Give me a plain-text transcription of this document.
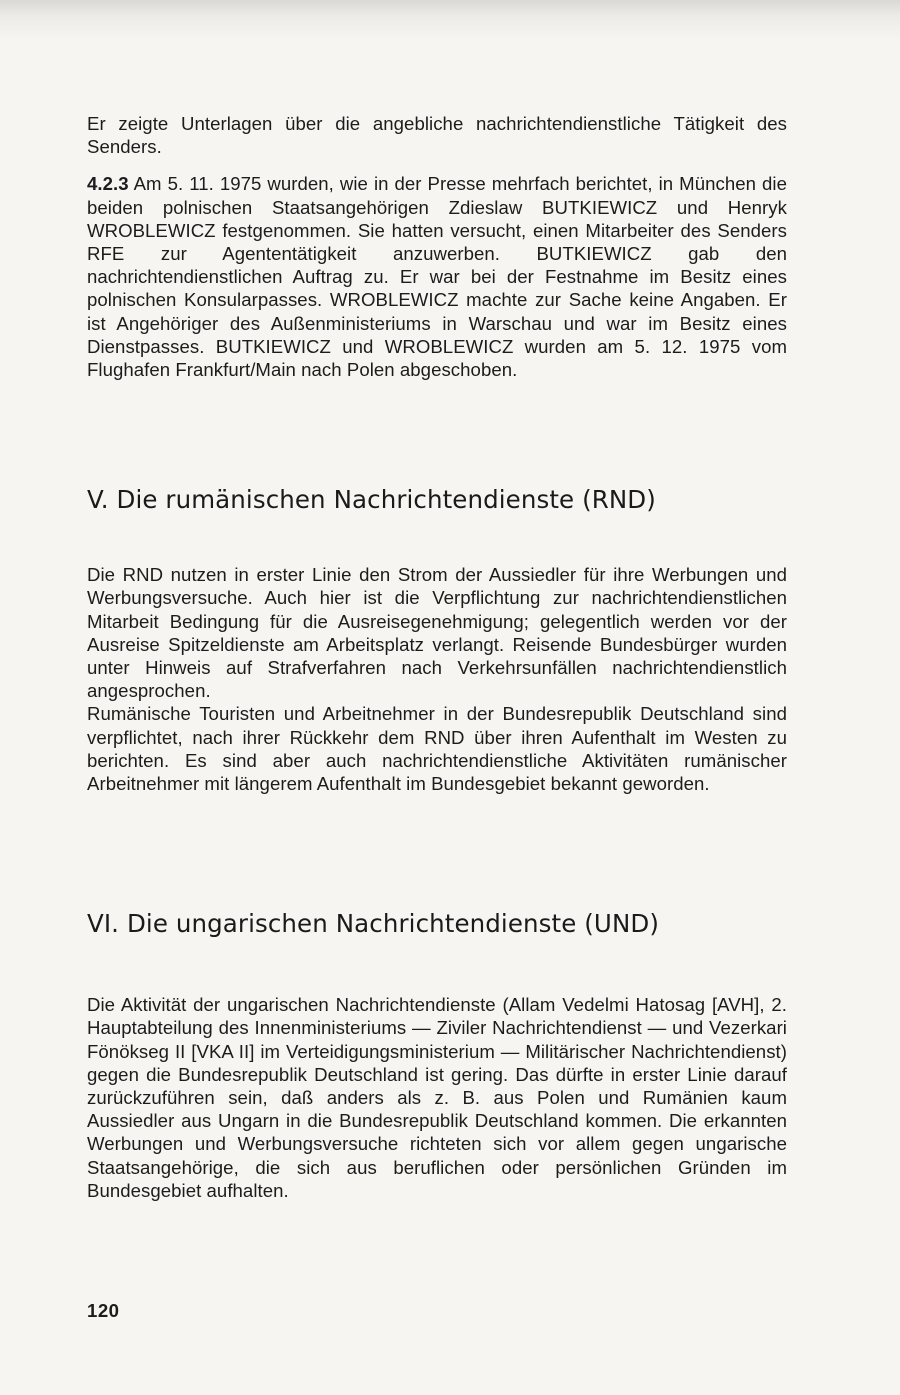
Er zeigte Unterlagen über die angebliche nachrichtendienstliche Tätigkeit des Senders.

4.2.3 Am 5. 11. 1975 wurden, wie in der Presse mehrfach berichtet, in München die beiden polnischen Staatsangehörigen Zdieslaw BUTKIEWICZ und Henryk WROBLEWICZ festgenommen. Sie hatten versucht, einen Mitarbeiter des Senders RFE zur Agententätigkeit anzuwerben. BUTKIEWICZ gab den nachrichtendienstlichen Auftrag zu. Er war bei der Festnahme im Besitz eines polnischen Konsularpasses. WROBLEWICZ machte zur Sache keine Angaben. Er ist Angehöriger des Außenministeriums in Warschau und war im Besitz eines Dienstpasses. BUTKIEWICZ und WROBLEWICZ wurden am 5. 12. 1975 vom Flughafen Frankfurt/Main nach Polen abgeschoben.

V. Die rumänischen Nachrichtendienste (RND)

Die RND nutzen in erster Linie den Strom der Aussiedler für ihre Werbungen und Werbungsversuche. Auch hier ist die Verpflichtung zur nachrichtendienstlichen Mitarbeit Bedingung für die Ausreisegenehmigung; gelegentlich werden vor der Ausreise Spitzeldienste am Arbeitsplatz verlangt. Reisende Bundesbürger wurden unter Hinweis auf Strafverfahren nach Verkehrsunfällen nachrichtendienstlich angesprochen.

Rumänische Touristen und Arbeitnehmer in der Bundesrepublik Deutschland sind verpflichtet, nach ihrer Rückkehr dem RND über ihren Aufenthalt im Westen zu berichten. Es sind aber auch nachrichtendienstliche Aktivitäten rumänischer Arbeitnehmer mit längerem Aufenthalt im Bundesgebiet bekannt geworden.

VI. Die ungarischen Nachrichtendienste (UND)

Die Aktivität der ungarischen Nachrichtendienste (Allam Vedelmi Hatosag [AVH], 2. Hauptabteilung des Innenministeriums — Ziviler Nachrichtendienst — und Vezerkari Fönökseg II [VKA II] im Verteidigungsministerium — Militärischer Nachrichtendienst) gegen die Bundesrepublik Deutschland ist gering. Das dürfte in erster Linie darauf zurückzuführen sein, daß anders als z. B. aus Polen und Rumänien kaum Aussiedler aus Ungarn in die Bundesrepublik Deutschland kommen. Die erkannten Werbungen und Werbungsversuche richteten sich vor allem gegen ungarische Staatsangehörige, die sich aus beruflichen oder persönlichen Gründen im Bundesgebiet aufhalten.

120
